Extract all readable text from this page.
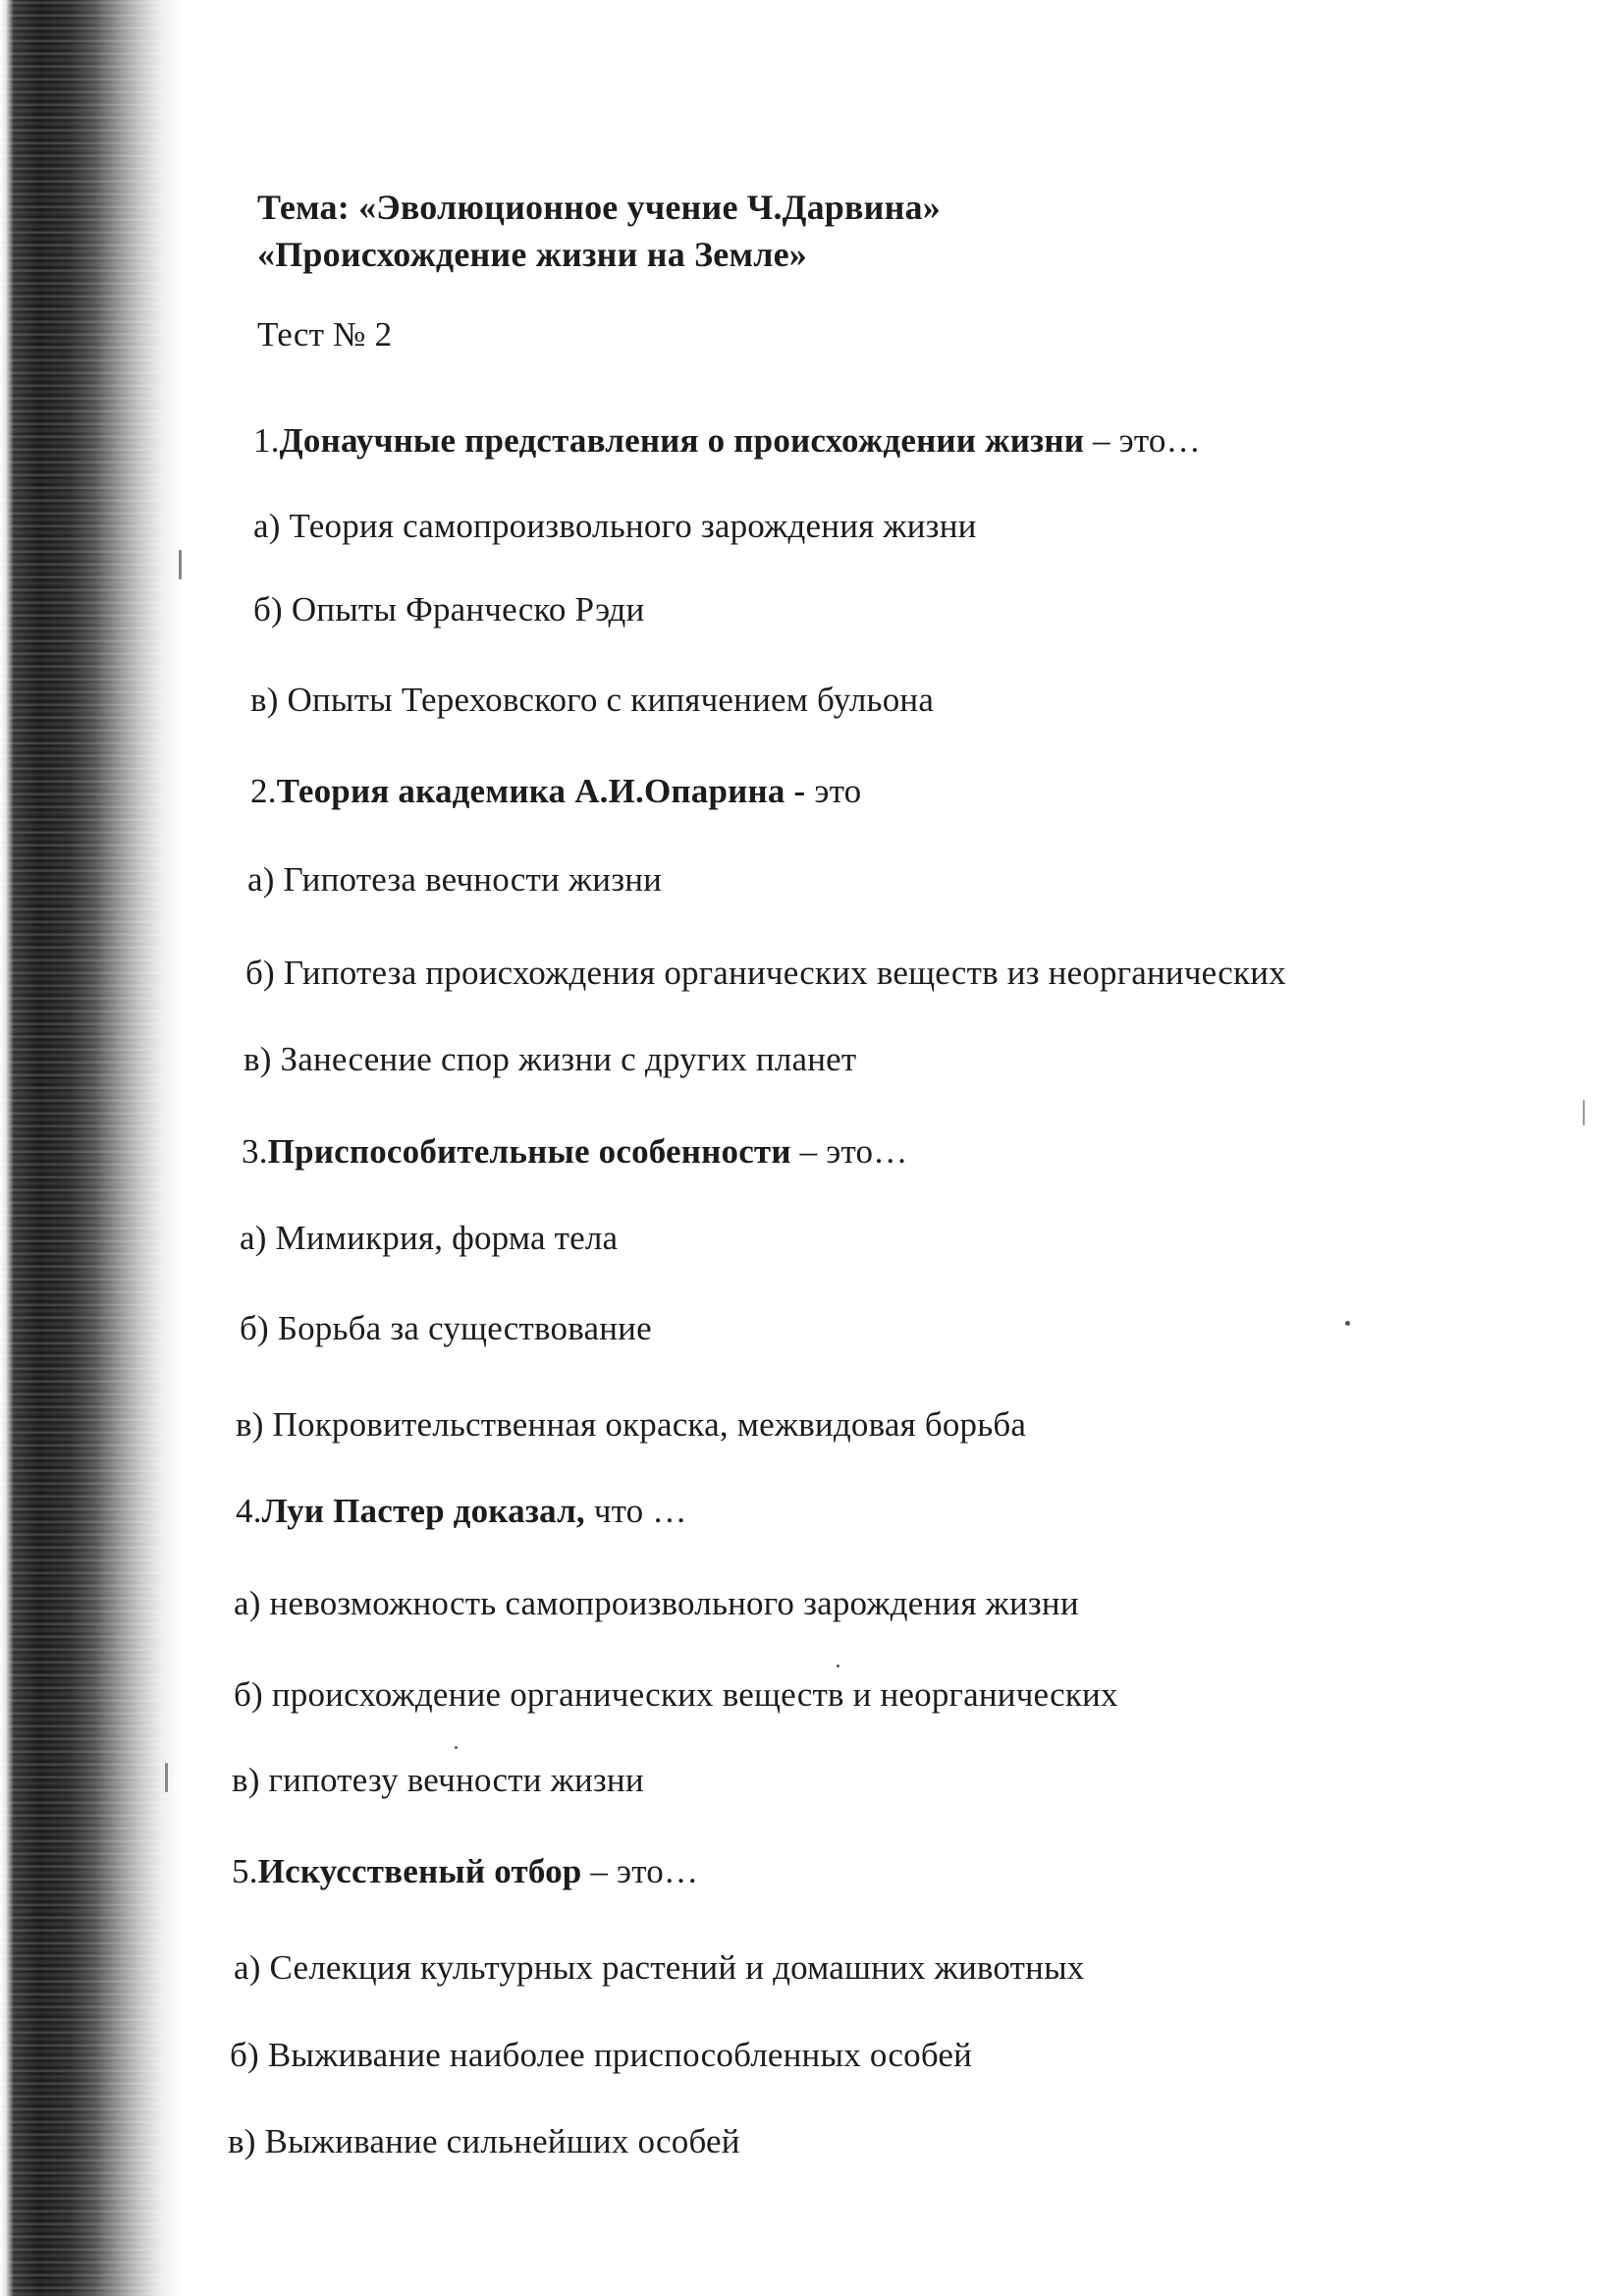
Тема: «Эволюционное учение Ч.Дарвина»
«Происхождение жизни на Земле»
Тест № 2
1.Донаучные представления о происхождении жизни – это…
а) Теория самопроизвольного зарождения жизни
б) Опыты Франческо Рэди
в) Опыты Тереховского с кипячением бульона
2.Теория академика А.И.Опарина - это
а) Гипотеза вечности жизни
б) Гипотеза происхождения органических веществ из неорганических
в) Занесение спор жизни с других планет
3.Приспособительные особенности – это…
а) Мимикрия, форма тела
б) Борьба за существование
в) Покровительственная окраска, межвидовая борьба
4.Луи Пастер доказал, что …
а) невозможность самопроизвольного зарождения жизни
б) происхождение органических веществ и неорганических
в) гипотезу вечности жизни
5.Искусственый отбор – это…
а) Селекция культурных растений и домашних животных
б) Выживание наиболее приспособленных особей
в) Выживание сильнейших особей
